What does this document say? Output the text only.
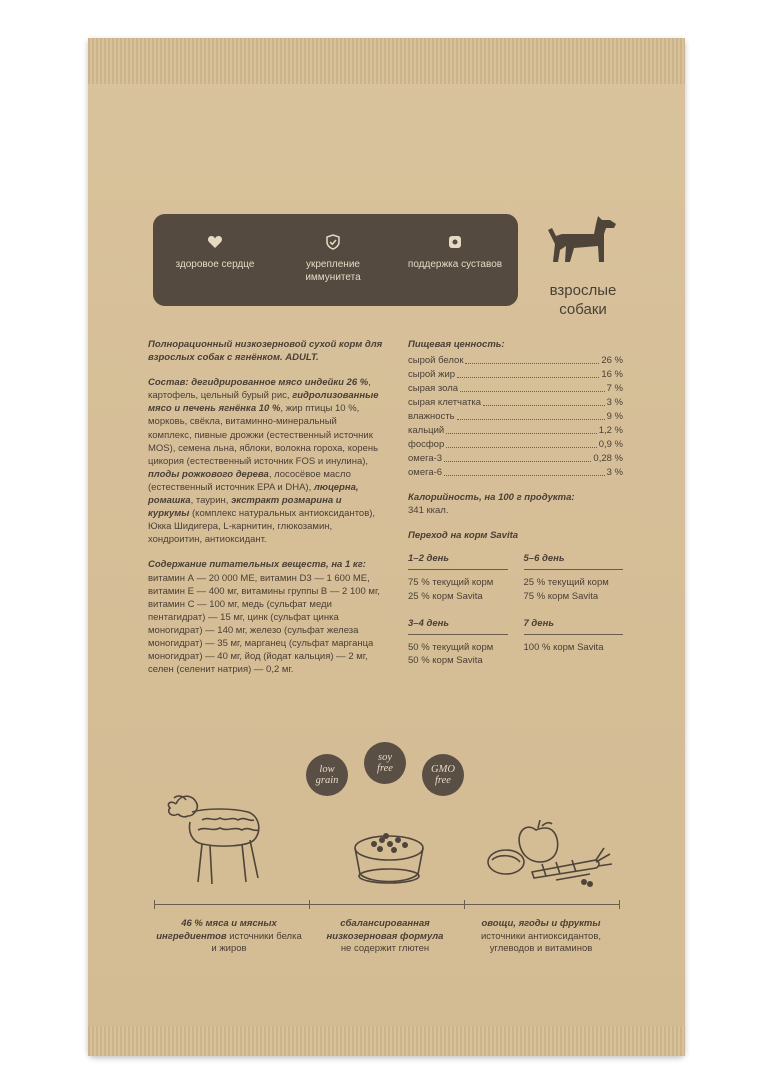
здоровое сердце	укрепление иммунитета
поддержка суставов
взрослые собаки

Полнорационный низкозерновой сухой корм для взрослых собак с ягнёнком. ADULT.

Состав: дегидрированное мясо индейки 26 %, картофель, цельный бурый рис, гидролизованные мясо и печень ягнёнка 10 %, жир птицы 10 %, морковь, свёкла, витаминно-минеральный комплекс, пивные дрожжи (естественный источник MOS), семена льна, яблоки, волокна гороха, корень цикория (естественный источник FOS и инулина), плоды рожкового дерева, лососёвое масло (естественный источник EPA и DHA), люцерна, ромашка, таурин, экстракт розмарина и куркумы (комплекс натуральных антиоксидантов), Юкка Шидигера, L-карнитин, глюкозамин, хондроитин, антиоксидант.

Содержание питательных веществ, на 1 кг: витамин А — 20 000 МЕ, витамин D3 — 1 600 МЕ, витамин Е — 400 мг, витамины группы В — 2 100 мг, витамин С — 100 мг, медь (сульфат меди пентагидрат) — 15 мг, цинк (сульфат цинка моногидрат) — 140 мг, железо (сульфат железа моногидрат) — 35 мг, марганец (сульфат марганца моногидрат) — 40 мг, йод (йодат кальция) — 2 мг, селен (селенит натрия) — 0,2 мг.

Пищевая ценность:
сырой белок	26 %
сырой жир	16 %
сырая зола	7 %
сырая клетчатка	3 %
влажность	9 %
кальций	1,2 %
фосфор	0,9 %
омега-3	0,28 %
омега-6	3 %
Калорийность, на 100 г продукта:
341 ккал.
Переход на корм Savita
1–2 день
75 % текущий корм
25 % корм Savita
5–6 день
25 % текущий корм
75 % корм Savita
3–4 день
50 % текущий корм
50 % корм Savita
7 день
100 % корм Savita
low
grain
soy
free	GMO
free
46 % мяса и мясных ингредиентов источники белка и жиров
сбалансированная низкозерновая формула
не содержит глютен
овощи, ягоды и фрукты
источники антиоксидантов, углеводов и витаминов
